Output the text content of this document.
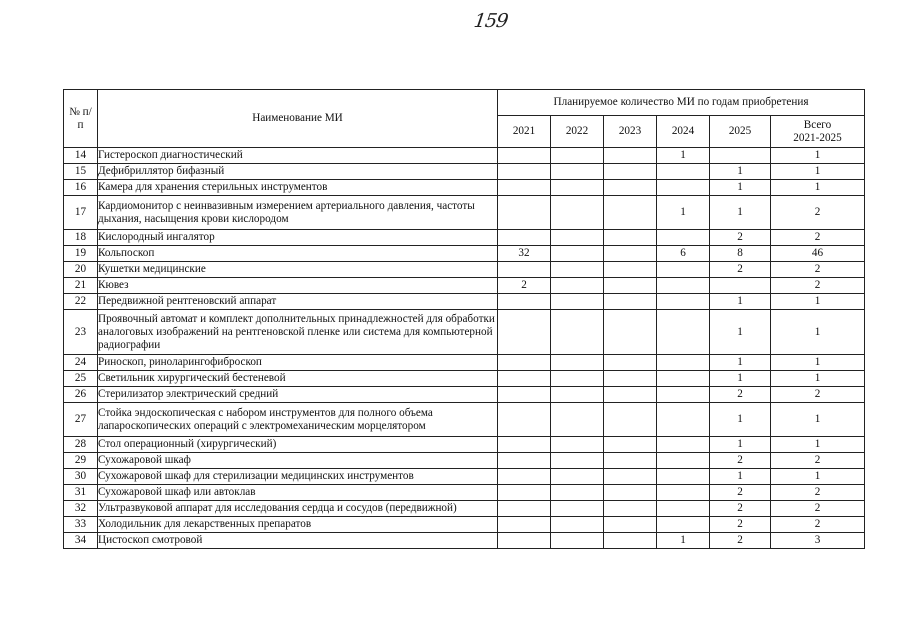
159
№ п/п	Наименование МИ	Планируемое количество МИ по годам приобретения					
		2021	2022	2023	2024	2025	Всего
2021-2025

14	Гистероскоп диагностический				1		1
15	Дефибриллятор бифазный					1	1
16	Камера для хранения стерильных инструментов					1	1
17	Кардиомонитор с неинвазивным измерением артериального давления, частоты дыхания, насыщения крови кислородом				1	1	2
18	Кислородный ингалятор					2	2
19	Кольпоскоп	32			6	8	46
20	Кушетки медицинские					2	2
21	Кювез	2					2
22	Передвижной рентгеновский аппарат					1	1
23	Проявочный автомат и комплект дополнительных принадлежностей для обработки аналоговых изображений на рентгеновской пленке или система для компьютерной радиографии					1	1
24	Риноскоп, риноларингофиброскоп					1	1
25	Светильник хирургический бестеневой					1	1
26	Стерилизатор электрический средний					2	2
27	Стойка эндоскопическая с набором инструментов для полного объема лапароскопических операций с электромеханическим морцелятором					1	1
28	Стол операционный (хирургический)					1	1
29	Сухожаровой шкаф					2	2
30	Сухожаровой шкаф для стерилизации медицинских инструментов					1	1
31	Сухожаровой шкаф или автоклав					2	2
32	Ультразвуковой аппарат для исследования сердца и сосудов (передвижной)					2	2
33	Холодильник для лекарственных препаратов					2	2
34	Цистоскоп смотровой				1	2	3
